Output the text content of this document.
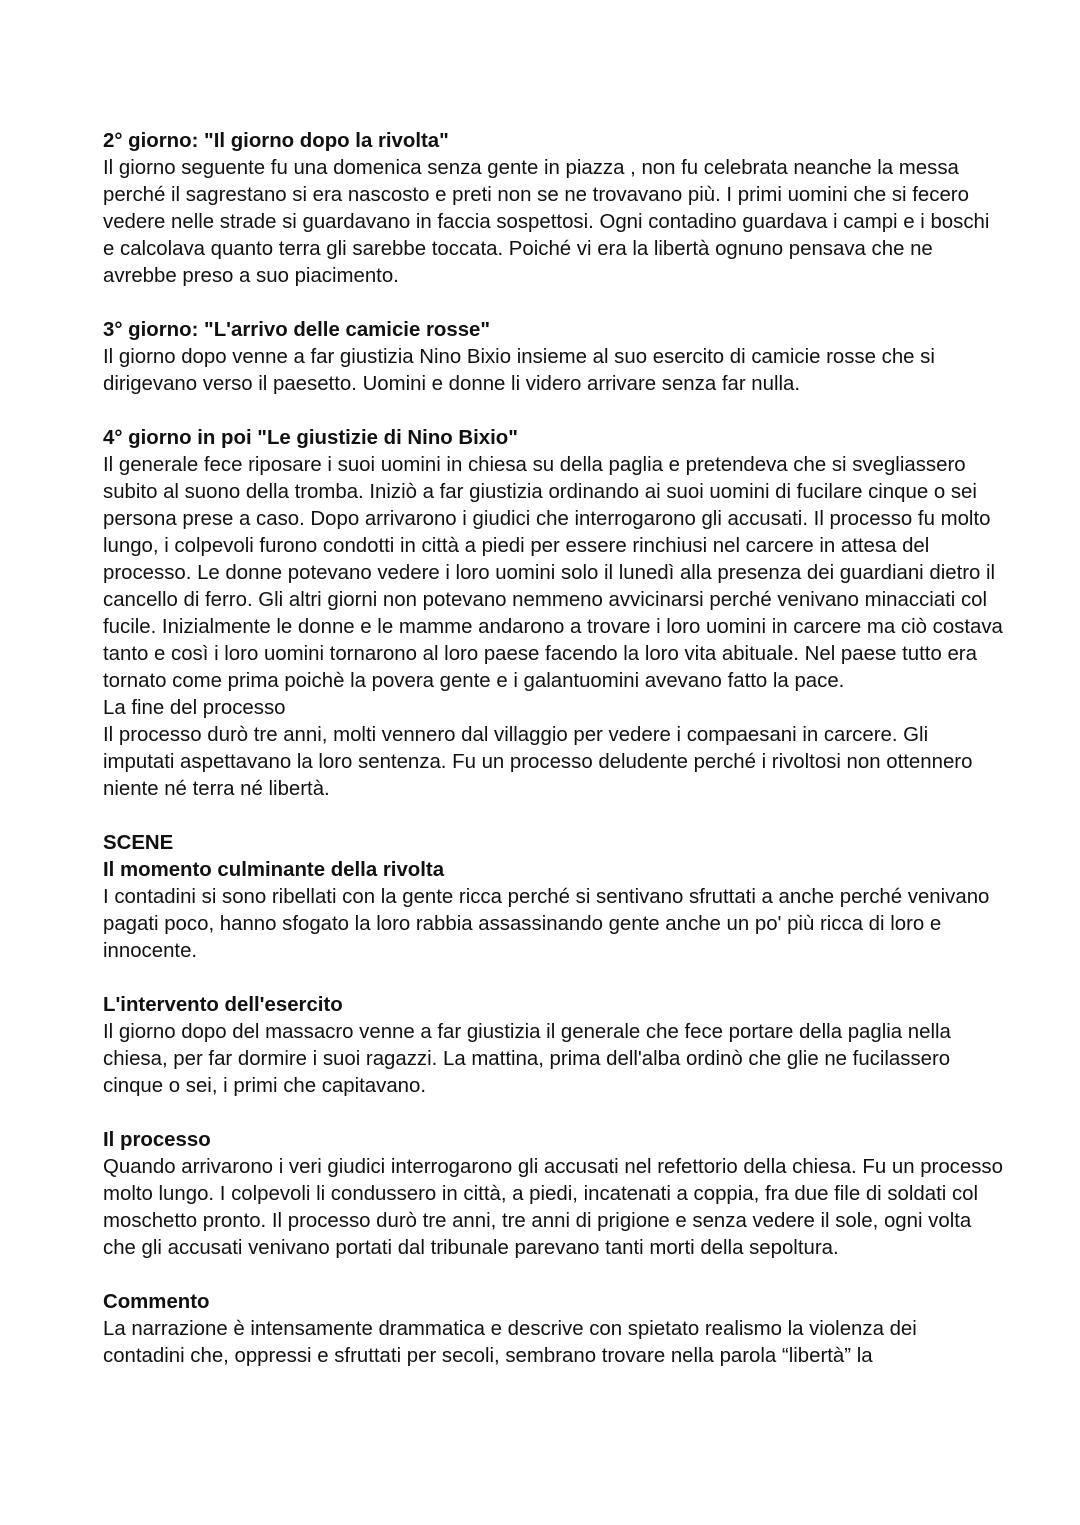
2° giorno: "Il giorno dopo la rivolta"

Il giorno seguente fu una domenica senza gente in piazza , non fu celebrata neanche la messa perché il sagrestano si era nascosto e preti non se ne trovavano più. I primi uomini che si fecero vedere nelle strade si guardavano in faccia sospettosi. Ogni contadino guardava i campi e i boschi e calcolava quanto terra gli sarebbe toccata. Poiché vi era la libertà ognuno pensava che ne avrebbe preso a suo piacimento.

3° giorno: "L'arrivo delle camicie rosse"

Il giorno dopo venne a far giustizia Nino Bixio insieme al suo esercito di camicie rosse che si dirigevano verso il paesetto. Uomini e donne li videro arrivare senza far nulla.

4° giorno in poi "Le giustizie di Nino Bixio"

Il generale fece riposare i suoi uomini in chiesa su della paglia e pretendeva che si svegliassero subito al suono della tromba. Iniziò a far giustizia ordinando ai suoi uomini di fucilare cinque o sei persona prese a caso. Dopo arrivarono i giudici che interrogarono gli accusati. Il processo fu molto lungo, i colpevoli furono condotti in città a piedi per essere rinchiusi nel carcere in attesa del processo. Le donne potevano vedere i loro uomini solo il lunedì alla presenza dei guardiani dietro il cancello di ferro. Gli altri giorni non potevano nemmeno avvicinarsi perché venivano minacciati col fucile. Inizialmente le donne e le mamme andarono a trovare i loro uomini in carcere ma ciò costava tanto e così i loro uomini tornarono al loro paese facendo la loro vita abituale. Nel paese tutto era tornato come prima poichè la povera gente e i galantuomini avevano fatto la pace.

La fine del processo

Il processo durò tre anni, molti vennero dal villaggio per vedere i compaesani in carcere. Gli imputati aspettavano la loro sentenza. Fu un processo deludente perché i rivoltosi non ottennero niente né terra né libertà.

SCENE

Il momento culminante della rivolta

I contadini si sono ribellati con la gente ricca perché si sentivano sfruttati a anche perché venivano pagati poco, hanno sfogato la loro rabbia assassinando gente anche un po' più ricca di loro e innocente.

L'intervento dell'esercito

Il giorno dopo del massacro venne a far giustizia il generale che fece portare della paglia nella chiesa, per far dormire i suoi ragazzi. La mattina, prima dell'alba ordinò che glie ne fucilassero cinque o sei, i primi che capitavano.

Il processo

Quando arrivarono i veri giudici interrogarono gli accusati nel refettorio della chiesa. Fu un processo molto lungo. I colpevoli li condussero in città, a piedi, incatenati a coppia, fra due file di soldati col moschetto pronto. Il processo durò tre anni, tre anni di prigione e senza vedere il sole, ogni volta che gli accusati venivano portati dal tribunale parevano tanti morti della sepoltura.

Commento

La narrazione è intensamente drammatica e descrive con spietato realismo la violenza dei contadini che, oppressi e sfruttati per secoli, sembrano trovare nella parola “libertà” la
